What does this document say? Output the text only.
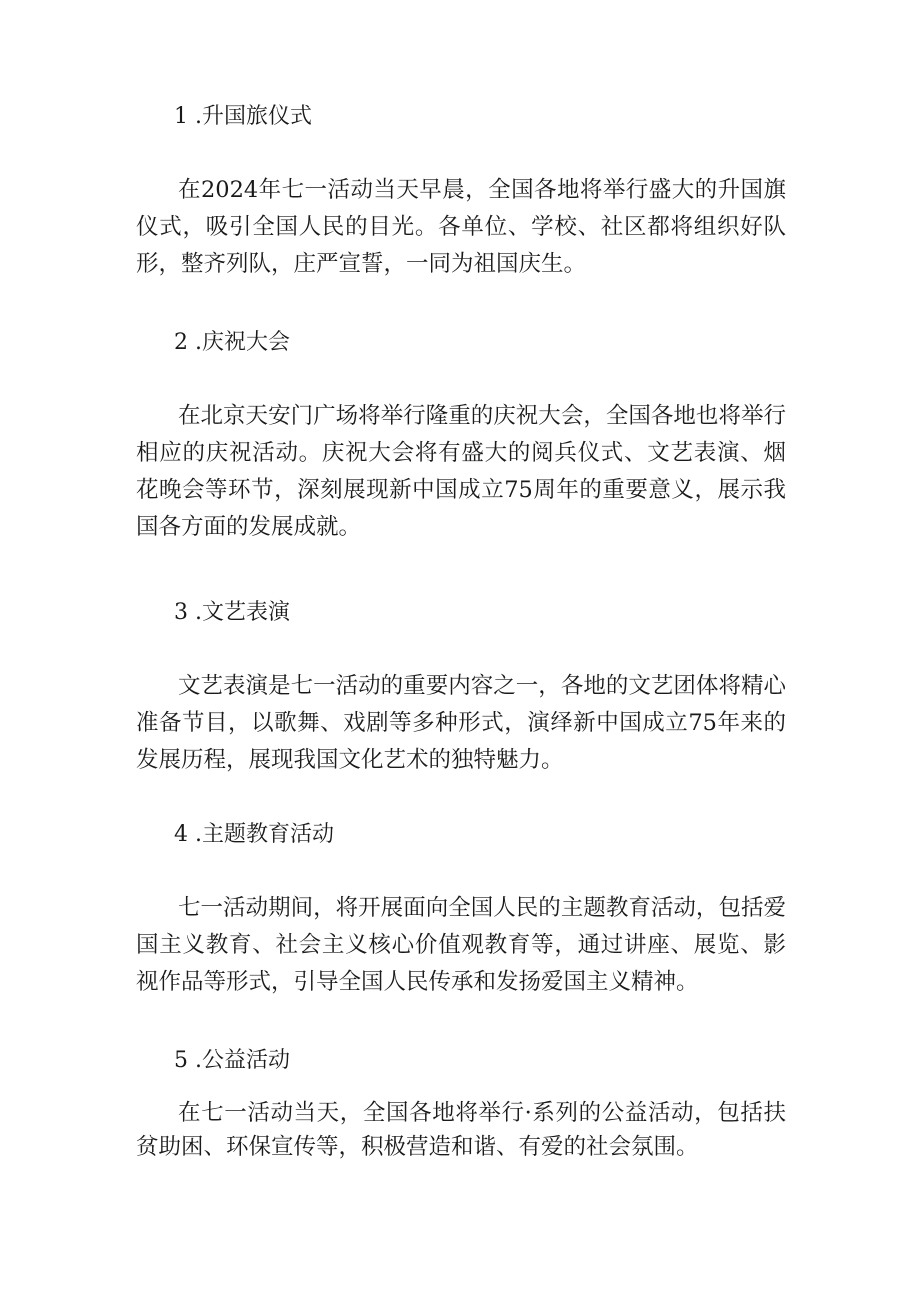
1 .升国旅仪式

在2024年七一活动当天早晨，全国各地将举行盛大的升国旗仪式，吸引全国人民的目光。各单位、学校、社区都将组织好队形，整齐列队，庄严宣誓，一同为祖国庆生。

2 .庆祝大会

在北京天安门广场将举行隆重的庆祝大会，全国各地也将举行相应的庆祝活动。庆祝大会将有盛大的阅兵仪式、文艺表演、烟花晚会等环节，深刻展现新中国成立75周年的重要意义，展示我国各方面的发展成就。

3 .文艺表演

文艺表演是七一活动的重要内容之一，各地的文艺团体将精心准备节目，以歌舞、戏剧等多种形式，演绎新中国成立75年来的发展历程，展现我国文化艺术的独特魅力。

4 .主题教育活动

七一活动期间，将开展面向全国人民的主题教育活动，包括爱国主义教育、社会主义核心价值观教育等，通过讲座、展览、影视作品等形式，引导全国人民传承和发扬爱国主义精神。

5 .公益活动

在七一活动当天，全国各地将举行·系列的公益活动，包括扶贫助困、环保宣传等，积极营造和谐、有爱的社会氛围。
